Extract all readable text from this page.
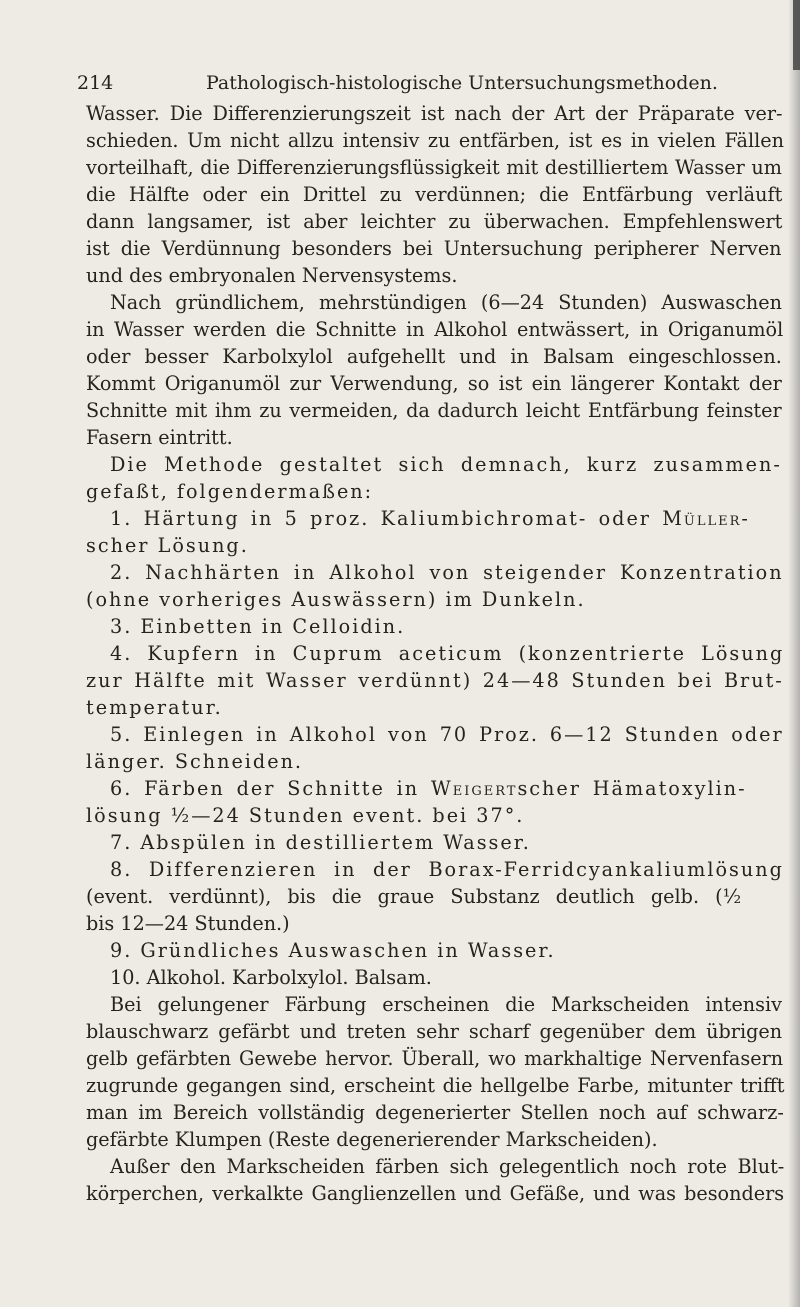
214	Pathologisch-histologische Untersuchungsmethoden.
Wasser. Die Differenzierungszeit ist nach der Art der Präparate ver-
schieden. Um nicht allzu intensiv zu entfärben, ist es in vielen Fällen
vorteilhaft, die Differenzierungsflüssigkeit mit destilliertem Wasser um
die Hälfte oder ein Drittel zu verdünnen; die Entfärbung verläuft
dann langsamer, ist aber leichter zu überwachen. Empfehlenswert
ist die Verdünnung besonders bei Untersuchung peripherer Nerven
und des embryonalen Nervensystems.
Nach gründlichem, mehrstündigen (6—24 Stunden) Auswaschen
in Wasser werden die Schnitte in Alkohol entwässert, in Origanumöl
oder besser Karbolxylol aufgehellt und in Balsam eingeschlossen.
Kommt Origanumöl zur Verwendung, so ist ein längerer Kontakt der
Schnitte mit ihm zu vermeiden, da dadurch leicht Entfärbung feinster
Fasern eintritt.
Die Methode gestaltet sich demnach, kurz zusammen-
gefaßt, folgendermaßen:
1. Härtung in 5 proz. Kaliumbichromat- oder Müller-
scher Lösung.
2. Nachhärten in Alkohol von steigender Konzentration
(ohne vorheriges Auswässern) im Dunkeln.
3. Einbetten in Celloidin.
4. Kupfern in Cuprum aceticum (konzentrierte Lösung
zur Hälfte mit Wasser verdünnt) 24—48 Stunden bei Brut-
temperatur.
5. Einlegen in Alkohol von 70 Proz. 6—12 Stunden oder
länger. Schneiden.
6. Färben der Schnitte in Weigertscher Hämatoxylin-
lösung ½—24 Stunden event. bei 37°.
7. Abspülen in destilliertem Wasser.
8. Differenzieren in der Borax-Ferridcyankaliumlösung
(event. verdünnt), bis die graue Substanz deutlich gelb. (½
bis 12—24 Stunden.)
9. Gründliches Auswaschen in Wasser.
10. Alkohol. Karbolxylol. Balsam.
Bei gelungener Färbung erscheinen die Markscheiden intensiv
blauschwarz gefärbt und treten sehr scharf gegenüber dem übrigen
gelb gefärbten Gewebe hervor. Überall, wo markhaltige Nervenfasern
zugrunde gegangen sind, erscheint die hellgelbe Farbe, mitunter trifft
man im Bereich vollständig degenerierter Stellen noch auf schwarz-
gefärbte Klumpen (Reste degenerierender Markscheiden).
Außer den Markscheiden färben sich gelegentlich noch rote Blut-
körperchen, verkalkte Ganglienzellen und Gefäße, und was besonders
